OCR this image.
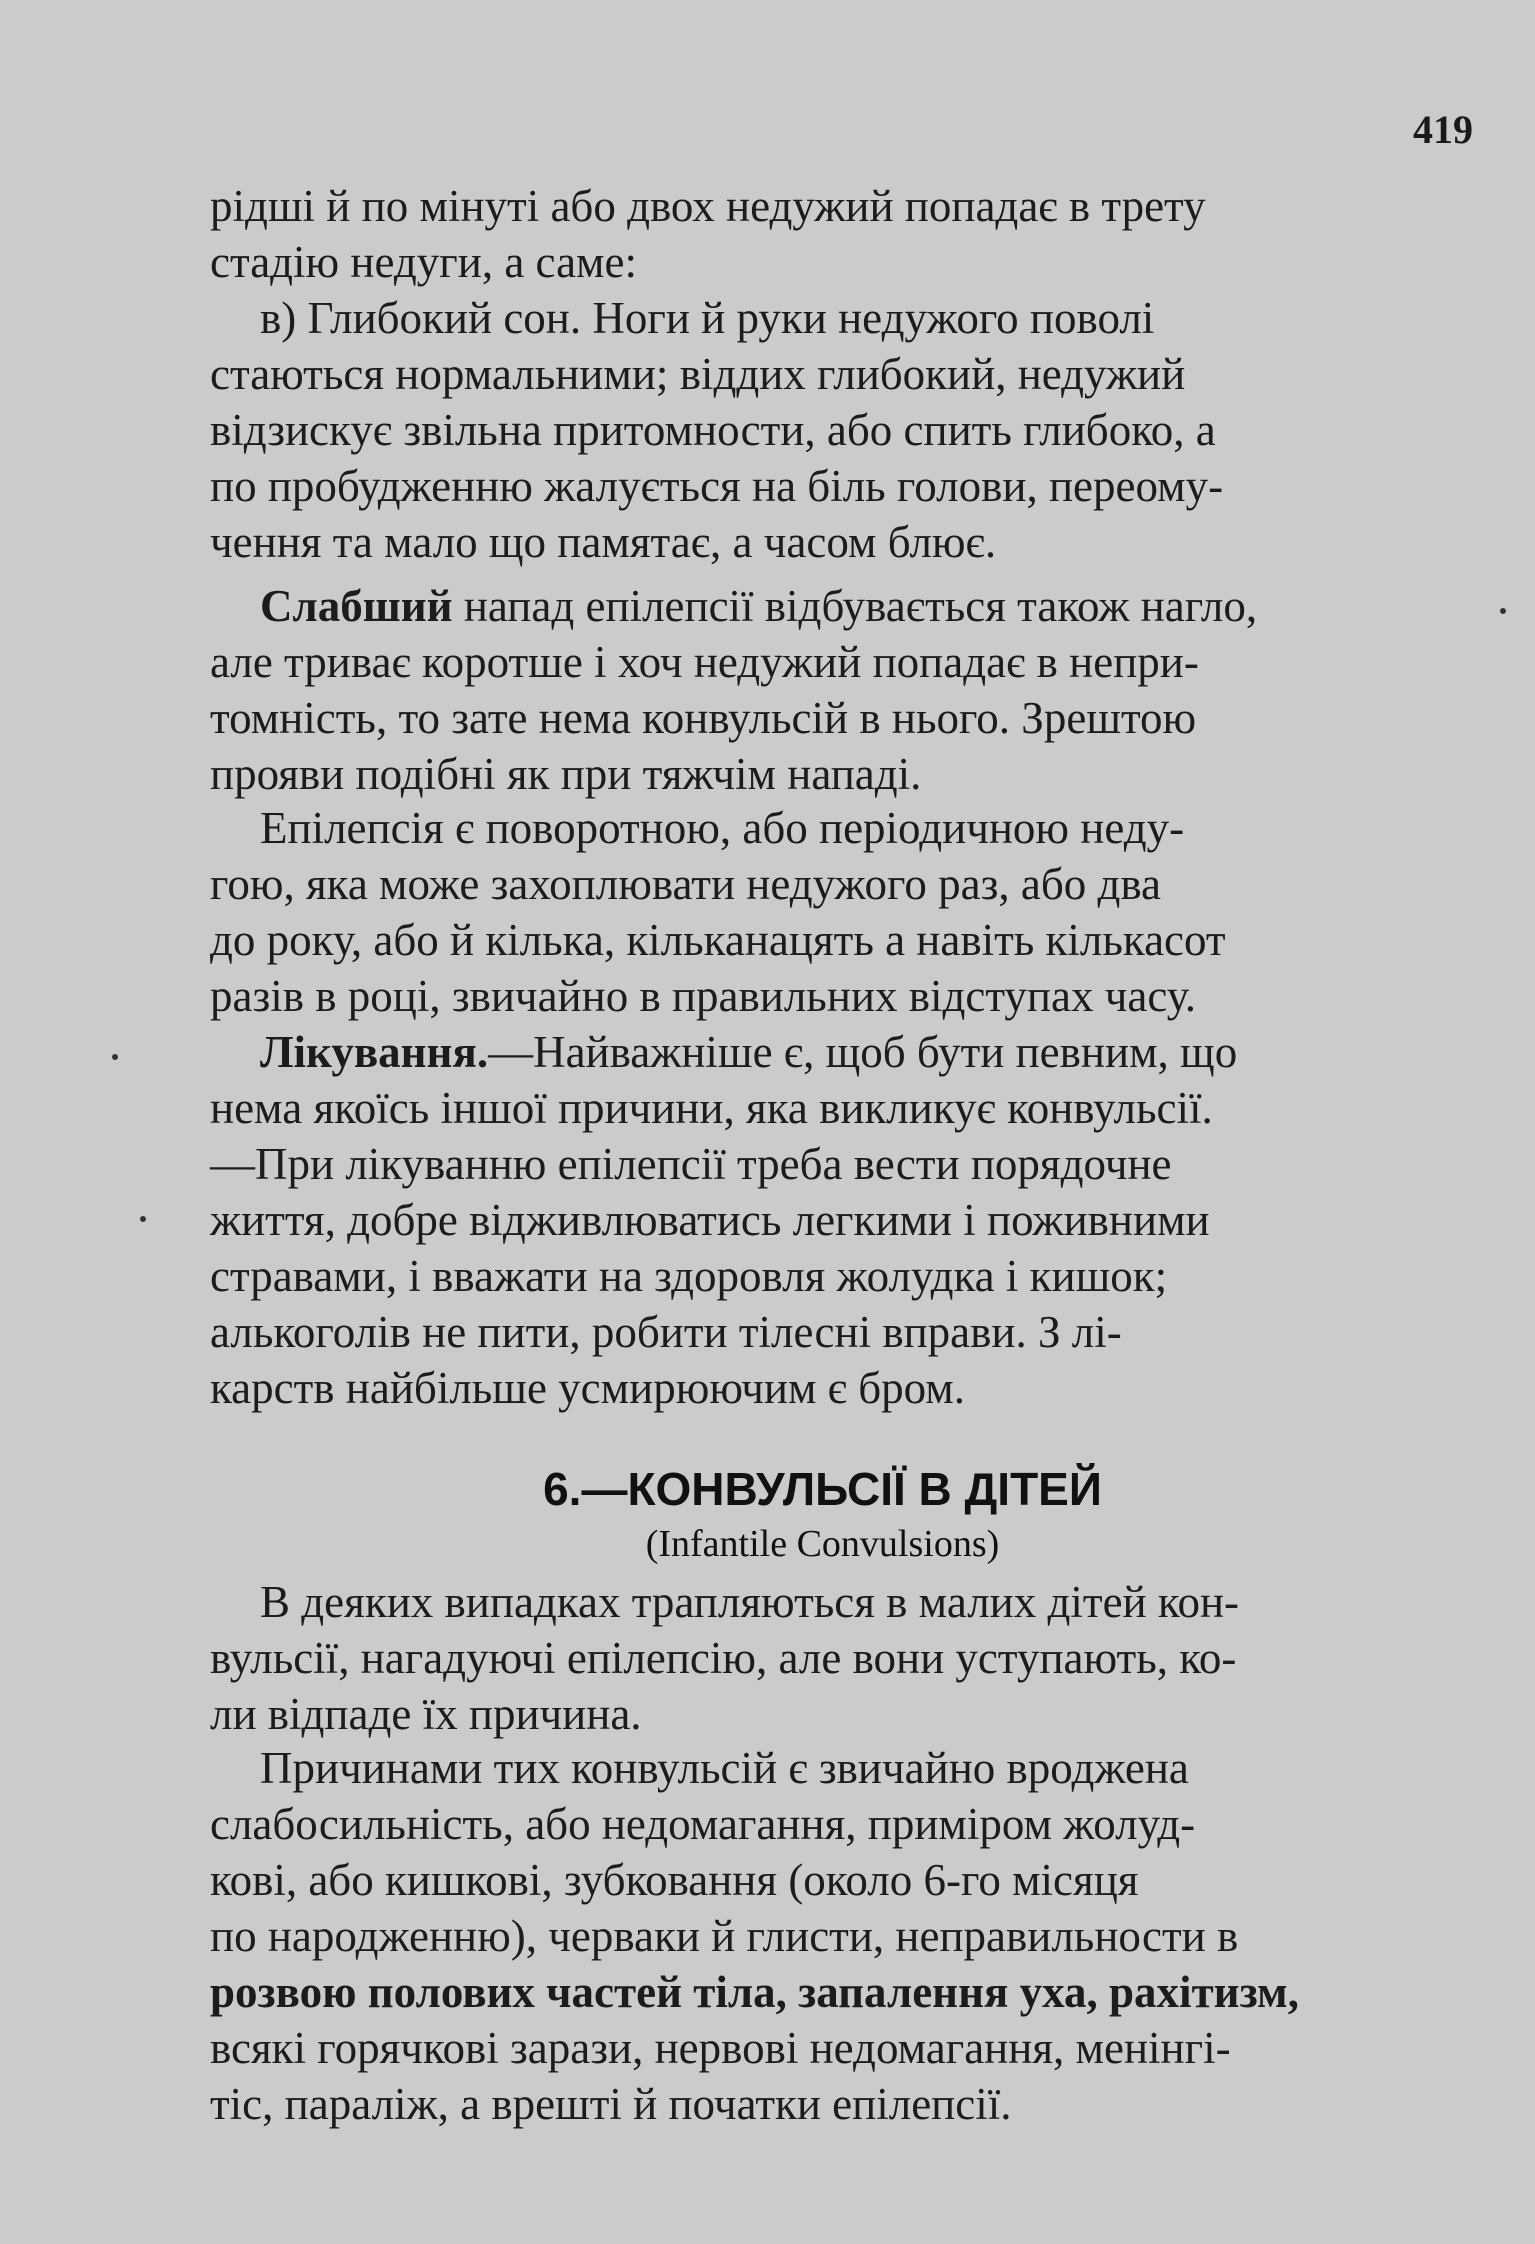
419
рідші й по мінуті або двох недужий попадає в трету
стадію недуги, а саме:
в) Глибокий сон. Ноги й руки недужого поволі
стаються нормальними; віддих глибокий, недужий
відзискує звільна притомности, або спить глибоко, а
по пробудженню жалується на біль голови, переому-
чення та мало що памятає, а часом блює.
Слабший напад епілепсії відбувається також нагло,
але триває коротше і хоч недужий попадає в непри-
томність, то зате нема конвульсій в нього. Зрештою
прояви подібні як при тяжчім нападі.
Епілепсія є поворотною, або періодичною неду-
гою, яка може захоплювати недужого раз, або два
до року, або й кілька, кільканацять а навіть кількасот
разів в році, звичайно в правильних відступах часу.
Лікування.—Найважніше є, щоб бути певним, що
нема якоїсь іншої причини, яка викликує конвульсії.
—При лікуванню епілепсії треба вести порядочне
життя, добре відживлюватись легкими і поживними
стравами, і вважати на здоровля жолудка і кишок;
алькоголів не пити, робити тілесні вправи. З лі-
карств найбільше усмирюючим є бром.
6.—КОНВУЛЬСІЇ В ДІТЕЙ
(Infantile Convulsions)
В деяких випадках трапляються в малих дітей кон-
вульсії, нагадуючі епілепсію, але вони уступають, ко-
ли відпаде їх причина.
Причинами тих конвульсій є звичайно вроджена
слабосильність, або недомагання, приміром жолуд-
кові, або кишкові, зубковання (около 6-го місяця
по народженню), черваки й глисти, неправильности в
розвою полових частей тіла, запалення уха, рахітизм,
всякі горячкові зарази, нервові недомагання, менінгі-
тіс, параліж, а врешті й початки епілепсії.
